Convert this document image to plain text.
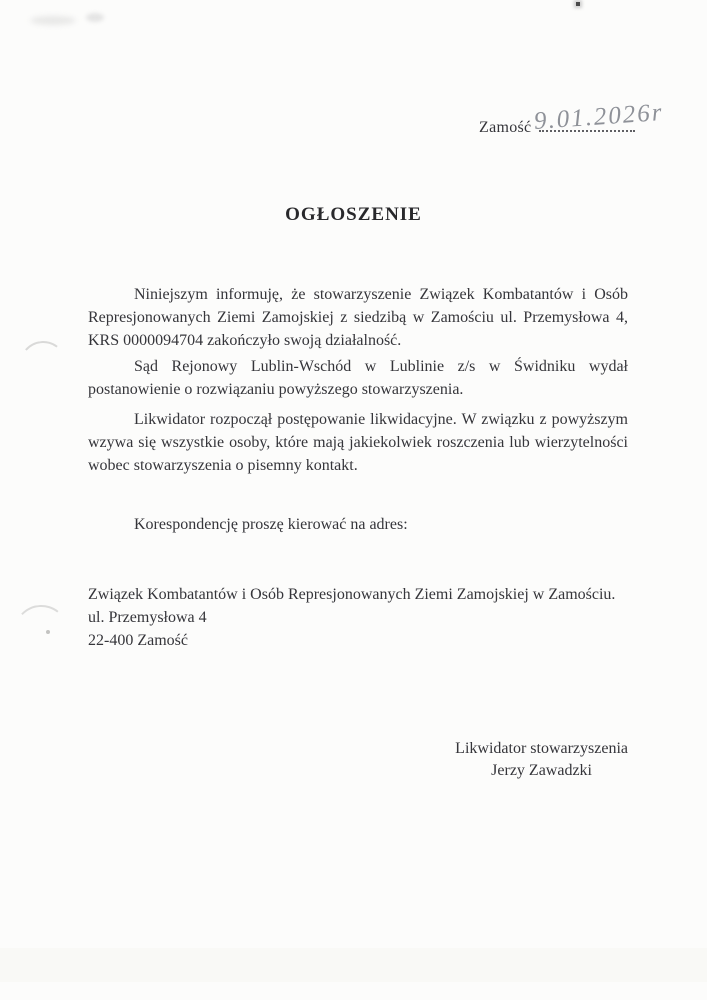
Zamość 9.01.2026r
OGŁOSZENIE

Niniejszym informuję, że stowarzyszenie Związek Kombatantów i Osób Represjonowanych Ziemi Zamojskiej z siedzibą w Zamościu ul. Przemysłowa 4, KRS 0000094704 zakończyło swoją działalność.

Sąd Rejonowy Lublin-Wschód w Lublinie z/s w Świdniku wydał postanowienie o rozwiązaniu powyższego stowarzyszenia.

Likwidator rozpoczął postępowanie likwidacyjne. W związku z powyższym wzywa się wszystkie osoby, które mają jakiekolwiek roszczenia lub wierzytelności wobec stowarzyszenia o pisemny kontakt.

Korespondencję proszę kierować na adres:

Związek Kombatantów i Osób Represjonowanych Ziemi Zamojskiej w Zamościu.
ul. Przemysłowa 4
22-400 Zamość
Likwidator stowarzyszenia
Jerzy Zawadzki
